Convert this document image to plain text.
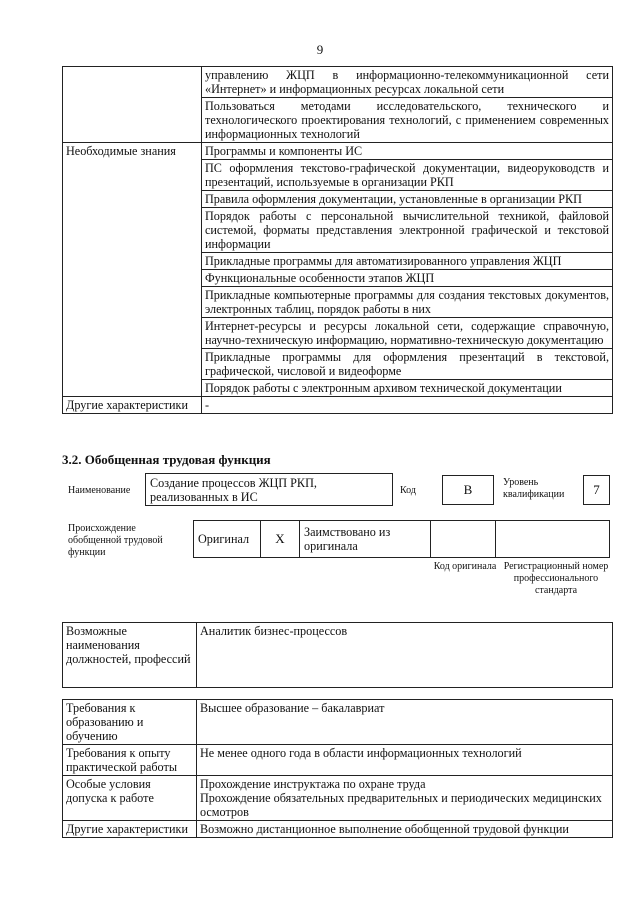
9
	управлению ЖЦП в информационно-телекоммуникационной сети «Интернет» и информационных ресурсах локальной сети
	Пользоваться методами исследовательского, технического и технологического проектирования технологий, с применением современных информационных технологий
Необходимые знания	Программы и компоненты ИС
	ПС оформления текстово-графической документации, видеоруководств и презентаций, используемые в организации РКП
	Правила оформления документации, установленные в организации РКП
	Порядок работы с персональной вычислительной техникой, файловой системой, форматы представления электронной графической и текстовой информации
	Прикладные программы для автоматизированного управления ЖЦП
	Функциональные особенности этапов ЖЦП
	Прикладные компьютерные программы для создания текстовых документов, электронных таблиц, порядок работы в них
	Интернет-ресурсы и ресурсы локальной сети, содержащие справочную, научно-техническую информацию, нормативно-техническую документацию
	Прикладные программы для оформления презентаций в текстовой, графической, числовой и видеоформе
	Порядок работы с электронным архивом технической документации
Другие характеристики	-
3.2. Обобщенная трудовая функция
Наименование
Создание процессов ЖЦП РКП, реализованных в ИС	Код	B	Уровень квалификации	7
Происхождение обобщенной трудовой функции
Оригинал	X	Заимствовано из оригинала		
Код оригинала Регистрационный номер профессионального стандарта
Возможные наименования должностей, профессий	Аналитик бизнес-процессов
Требования к образованию и обучению	Высшее образование – бакалавриат
Требования к опыту практической работы	Не менее одного года в области информационных технологий
Особые условия допуска к работе	Прохождение инструктажа по охране труда
Прохождение обязательных предварительных и периодических медицинских осмотров

Другие характеристики	Возможно дистанционное выполнение обобщенной трудовой функции
